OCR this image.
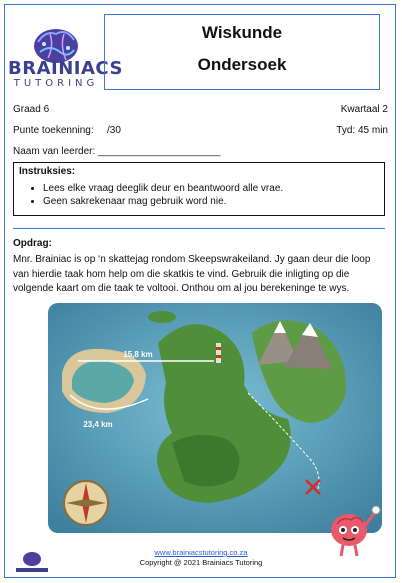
BRAINIACS
TUTORING
Wiskunde
Ondersoek
Graad 6	Kwartaal 2
Punte toekenning: /30	Tyd: 45 min
Naam van leerder: ______________________
Instruksies:
• Lees elke vraag deeglik deur en beantwoord alle vrae.
• Geen sakrekenaar mag gebruik word nie.
Opdrag:
Mnr. Brainiac is op ‘n skattejag rondom Skeepswrakeiland. Jy gaan deur die loop van hierdie taak hom help om die skatkis te vind. Gebruik die inligting op die volgende kaart om die taak te voltooi. Onthou om al jou berekeninge te wys.
15,8 km
23,4 km
www.brainiacstutoring.co.za
Copyright @ 2021 Brainiacs Tutoring
